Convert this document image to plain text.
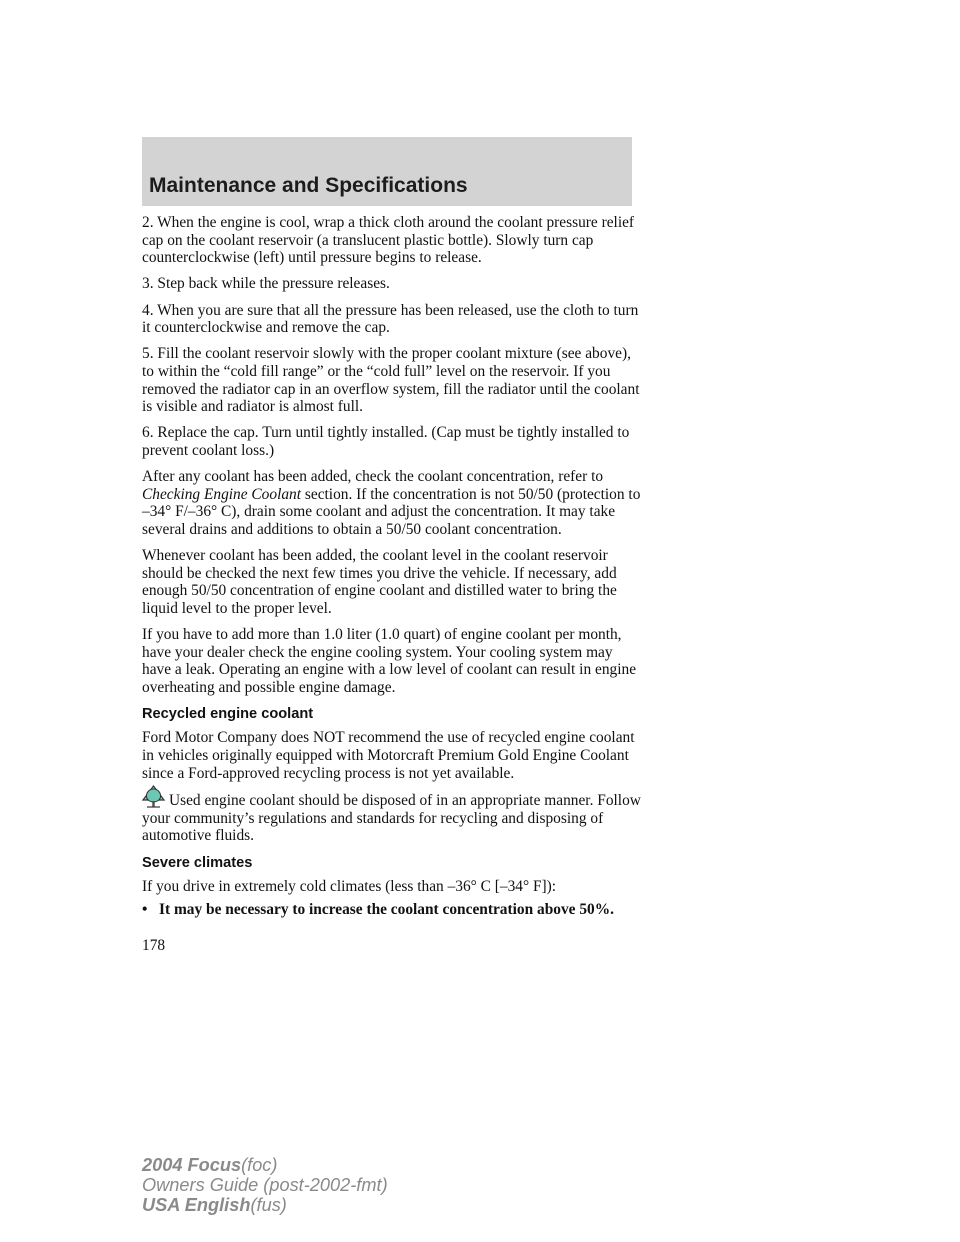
Maintenance and Specifications

2. When the engine is cool, wrap a thick cloth around the coolant pressure relief cap on the coolant reservoir (a translucent plastic bottle). Slowly turn cap counterclockwise (left) until pressure begins to release.

3. Step back while the pressure releases.

4. When you are sure that all the pressure has been released, use the cloth to turn it counterclockwise and remove the cap.

5. Fill the coolant reservoir slowly with the proper coolant mixture (see above), to within the “cold fill range” or the “cold full” level on the reservoir. If you removed the radiator cap in an overflow system, fill the radiator until the coolant is visible and radiator is almost full.

6. Replace the cap. Turn until tightly installed. (Cap must be tightly installed to prevent coolant loss.)

After any coolant has been added, check the coolant concentration, refer to Checking Engine Coolant section. If the concentration is not 50/50 (protection to –34° F/–36° C), drain some coolant and adjust the concentration. It may take several drains and additions to obtain a 50/50 coolant concentration.

Whenever coolant has been added, the coolant level in the coolant reservoir should be checked the next few times you drive the vehicle. If necessary, add enough 50/50 concentration of engine coolant and distilled water to bring the liquid level to the proper level.

If you have to add more than 1.0 liter (1.0 quart) of engine coolant per month, have your dealer check the engine cooling system. Your cooling system may have a leak. Operating an engine with a low level of coolant can result in engine overheating and possible engine damage.

Recycled engine coolant

Ford Motor Company does NOT recommend the use of recycled engine coolant in vehicles originally equipped with Motorcraft Premium Gold Engine Coolant since a Ford-approved recycling process is not yet available.

Used engine coolant should be disposed of in an appropriate manner. Follow your community’s regulations and standards for recycling and disposing of automotive fluids.

Severe climates

If you drive in extremely cold climates (less than –36° C [–34° F]):

• It may be necessary to increase the coolant concentration above 50%.
178
2004 Focus(foc)
Owners Guide (post-2002-fmt)
USA English(fus)
